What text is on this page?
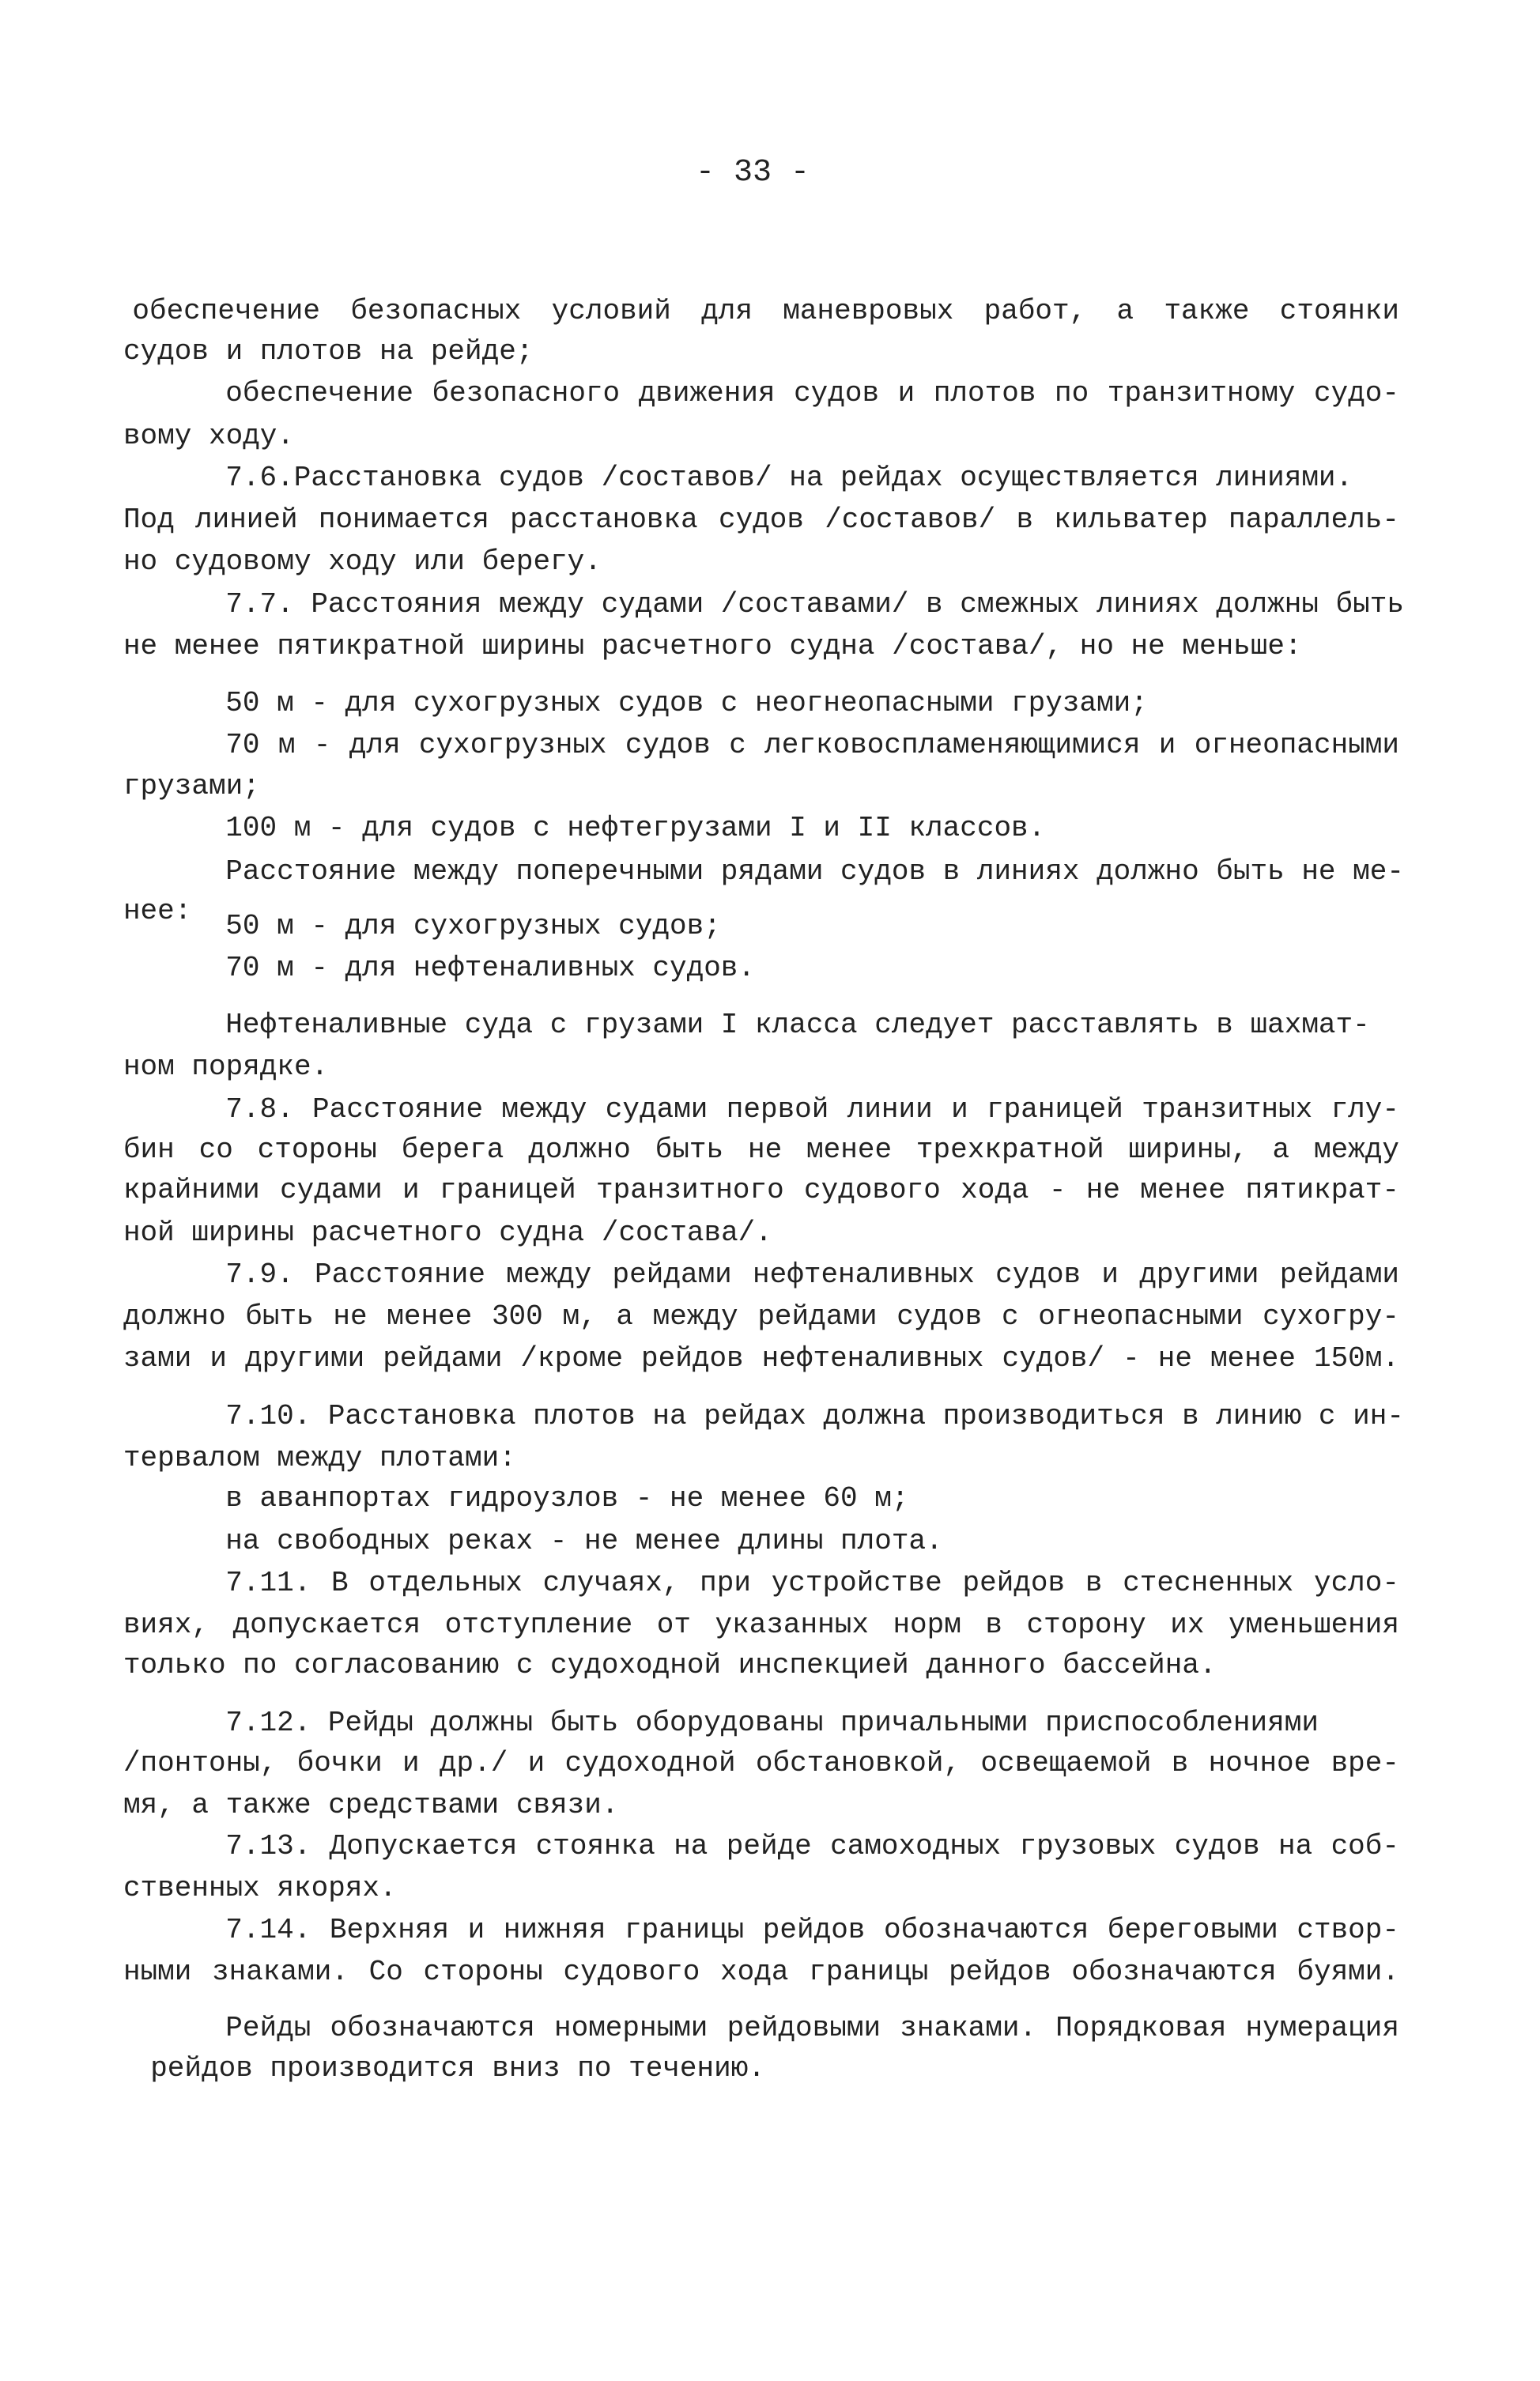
- 33 -
обеспечение безопасных условий для маневровых работ, а также стоянки
судов и плотов на рейде;
обеспечение безопасного движения судов и плотов по транзитному судо-
вому ходу.
7.6.Расстановка судов /составов/ на рейдах осуществляется линиями.
Под линией понимается расстановка судов /составов/ в кильватер параллель-
но судовому ходу или берегу.
7.7. Расстояния между судами /составами/ в смежных линиях должны быть
не менее пятикратной ширины расчетного судна /состава/, но не меньше:
50 м - для сухогрузных судов с неогнеопасными грузами;
70 м - для сухогрузных судов с легковоспламеняющимися и огнеопасными
грузами;
100 м - для судов с нефтегрузами I и II классов.
Расстояние между поперечными рядами судов в линиях должно быть не ме-
нее: 50 м - для сухогрузных судов;
70 м - для нефтеналивных судов.
Нефтеналивные суда с грузами I класса следует расставлять в шахмат-
ном порядке.
7.8. Расстояние между судами первой линии и границей транзитных глу-
бин со стороны берега должно быть не менее трехкратной ширины, а между
крайними судами и границей транзитного судового хода - не менее пятикрат-
ной ширины расчетного судна /состава/.
7.9. Расстояние между рейдами нефтеналивных судов и другими рейдами
должно быть не менее 300 м, а между рейдами судов с огнеопасными сухогру-
зами и другими рейдами /кроме рейдов нефтеналивных судов/ - не менее 150м.
7.10. Расстановка плотов на рейдах должна производиться в линию с ин-
тервалом между плотами:
в аванпортах гидроузлов - не менее 60 м;
на свободных реках - не менее длины плота.
7.11. В отдельных случаях, при устройстве рейдов в стесненных усло-
виях, допускается отступление от указанных норм в сторону их уменьшения
только по согласованию с судоходной инспекцией данного бассейна.
7.12. Рейды должны быть оборудованы причальными приспособлениями
/понтоны, бочки и др./ и судоходной обстановкой, освещаемой в ночное вре-
мя, а также средствами связи.
7.13. Допускается стоянка на рейде самоходных грузовых судов на соб-
ственных якорях.
7.14. Верхняя и нижняя границы рейдов обозначаются береговыми створ-
ными знаками. Со стороны судового хода границы рейдов обозначаются буями.
Рейды обозначаются номерными рейдовыми знаками. Порядковая нумерация
рейдов производится вниз по течению.
